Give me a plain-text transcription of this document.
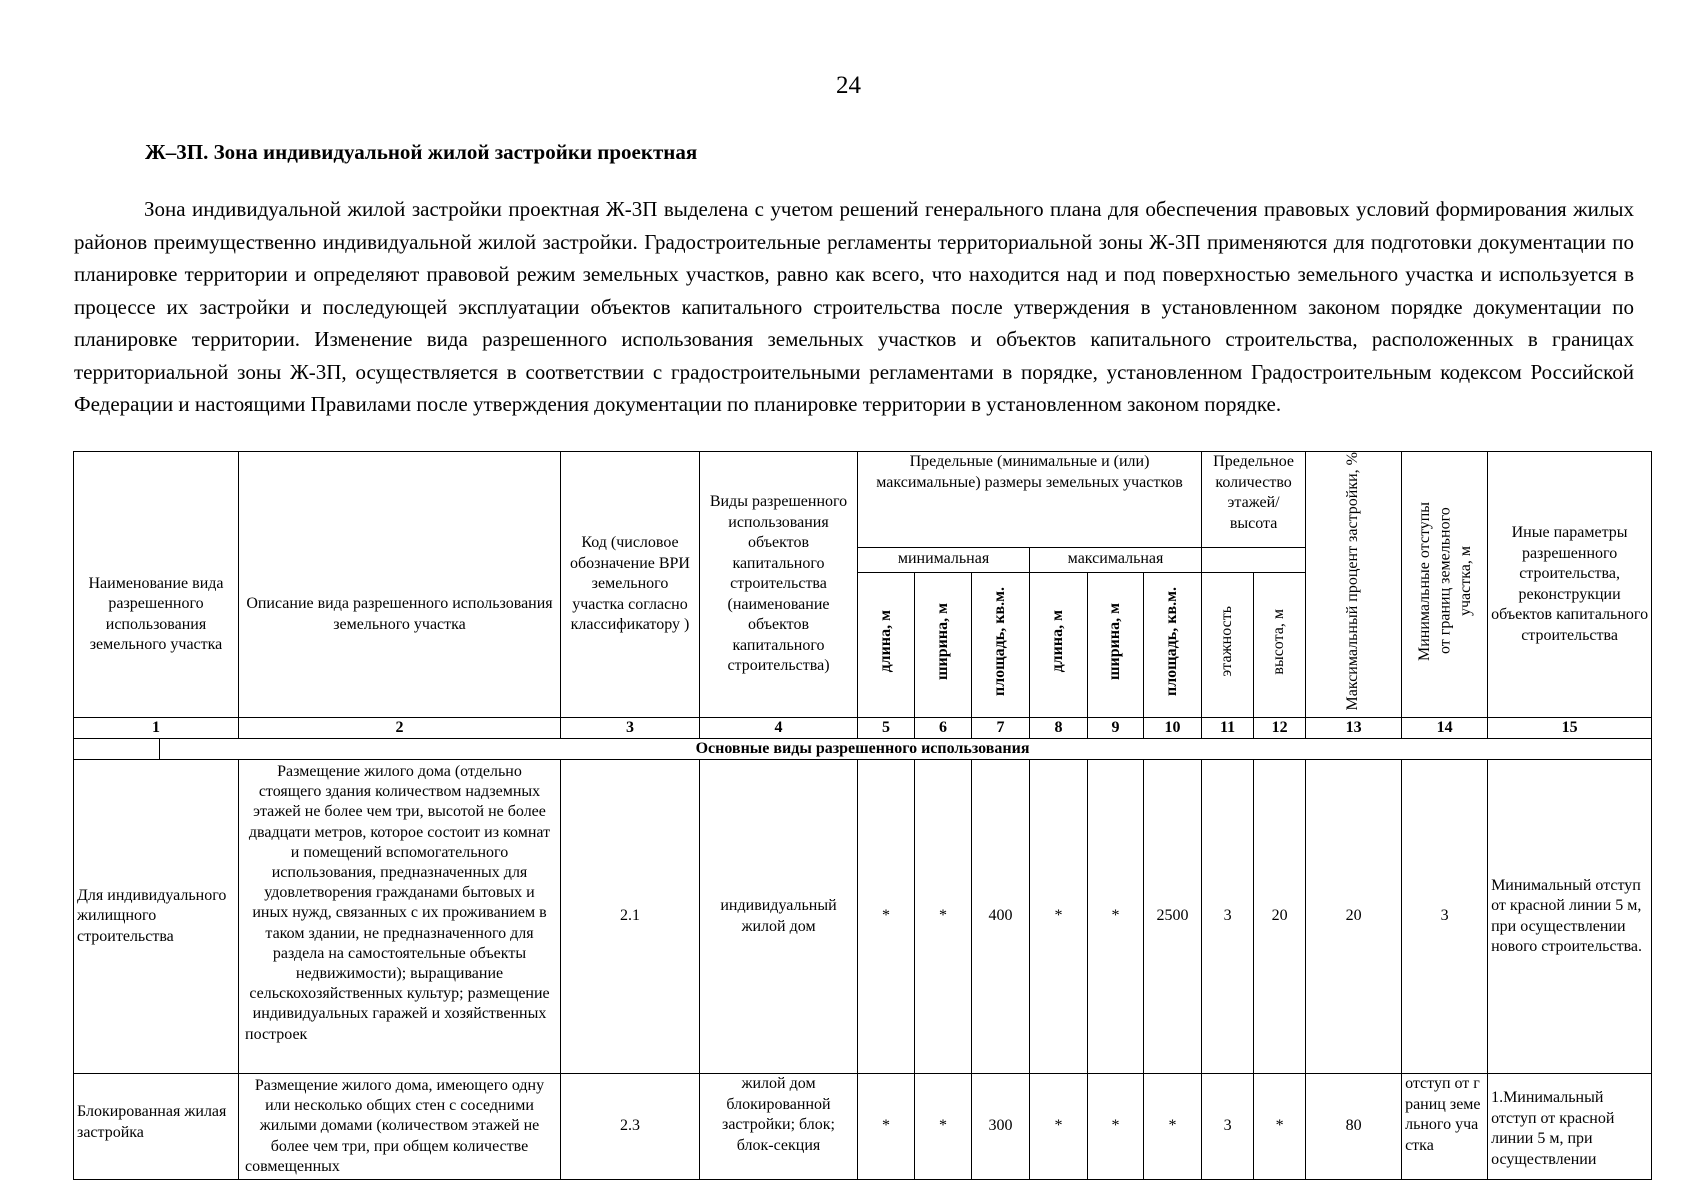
24
Ж–3П. Зона индивидуальной жилой застройки проектная
Зона индивидуальной жилой застройки проектная Ж-3П выделена с учетом решений генерального плана для обеспечения правовых условий формирования жилых районов преимущественно индивидуальной жилой застройки. Градостроительные регламенты территориальной зоны Ж-3П применяются для подготовки документации по планировке территории и определяют правовой режим земельных участков, равно как всего, что находится над и под поверхностью земельного участка и используется в процессе их застройки и последующей эксплуатации объектов капитального строительства после утверждения в установленном законом порядке документации по планировке территории. Изменение вида разрешенного использования земельных участков и объектов капитального строительства, расположенных в границах территориальной зоны Ж-3П, осуществляется в соответствии с градостроительными регламентами в порядке, установленном Градостроительным кодексом Российской Федерации и настоящими Правилами после утверждения документации по планировке территории в установленном законом порядке.
Наименование вида разрешенного использования земельного участка	Описание вида разрешенного использования земельного участка	Код (числовое обозначение ВРИ земельного участка согласно классификатору )	Виды разрешенного использования объектов капитального строительства (наименование объектов капитального строительства)	Предельные (минимальные и (или) максимальные) размеры земельных участков						Предельное количество этажей/ высота		Максимальный процент застройки, %	Минимальные отступы от границ земельного участка, м	Иные параметры разрешенного строительства, реконструкции объектов капитального строительства
				минимальная			максимальная							
				длина, м	ширина, м	площадь, кв.м.	длина, м	ширина, м	площадь, кв.м.	этажность	высота, м			
1	2	3	4	5	6	7	8	9	10	11	12	13	14	15

Основные виды разрешенного использования														
Для индивидуального жилищного строительства	Размещение жилого дома (отдельно стоящего здания количеством надземных этажей не более чем три, высотой не более двадцати метров, которое состоит из комнат и помещений вспомогательного использования, предназначенных для удовлетворения гражданами бытовых и иных нужд, связанных с их проживанием в таком здании, не предназначенного для раздела на самостоятельные объекты недвижимости); выращивание сельскохозяйственных культур; размещение индивидуальных гаражей и хозяйственных построек	2.1	индивидуальный жилой дом	*	*	400	*	*	2500	3	20	20	3	Минимальный отступ от красной линии 5 м, при осуществлении нового строительства.
Блокированная жилая застройка	Размещение жилого дома, имеющего одну или несколько общих стен с соседними жилыми домами (количеством этажей не более чем три, при общем количестве совмещенных	2.3	жилой дом блокированной застройки; блок; блок-секция	*	*	300	*	*	*	3	*	80	отступ от границ земельного участка	1.Минимальный отступ от красной линии 5 м, при осуществлении
